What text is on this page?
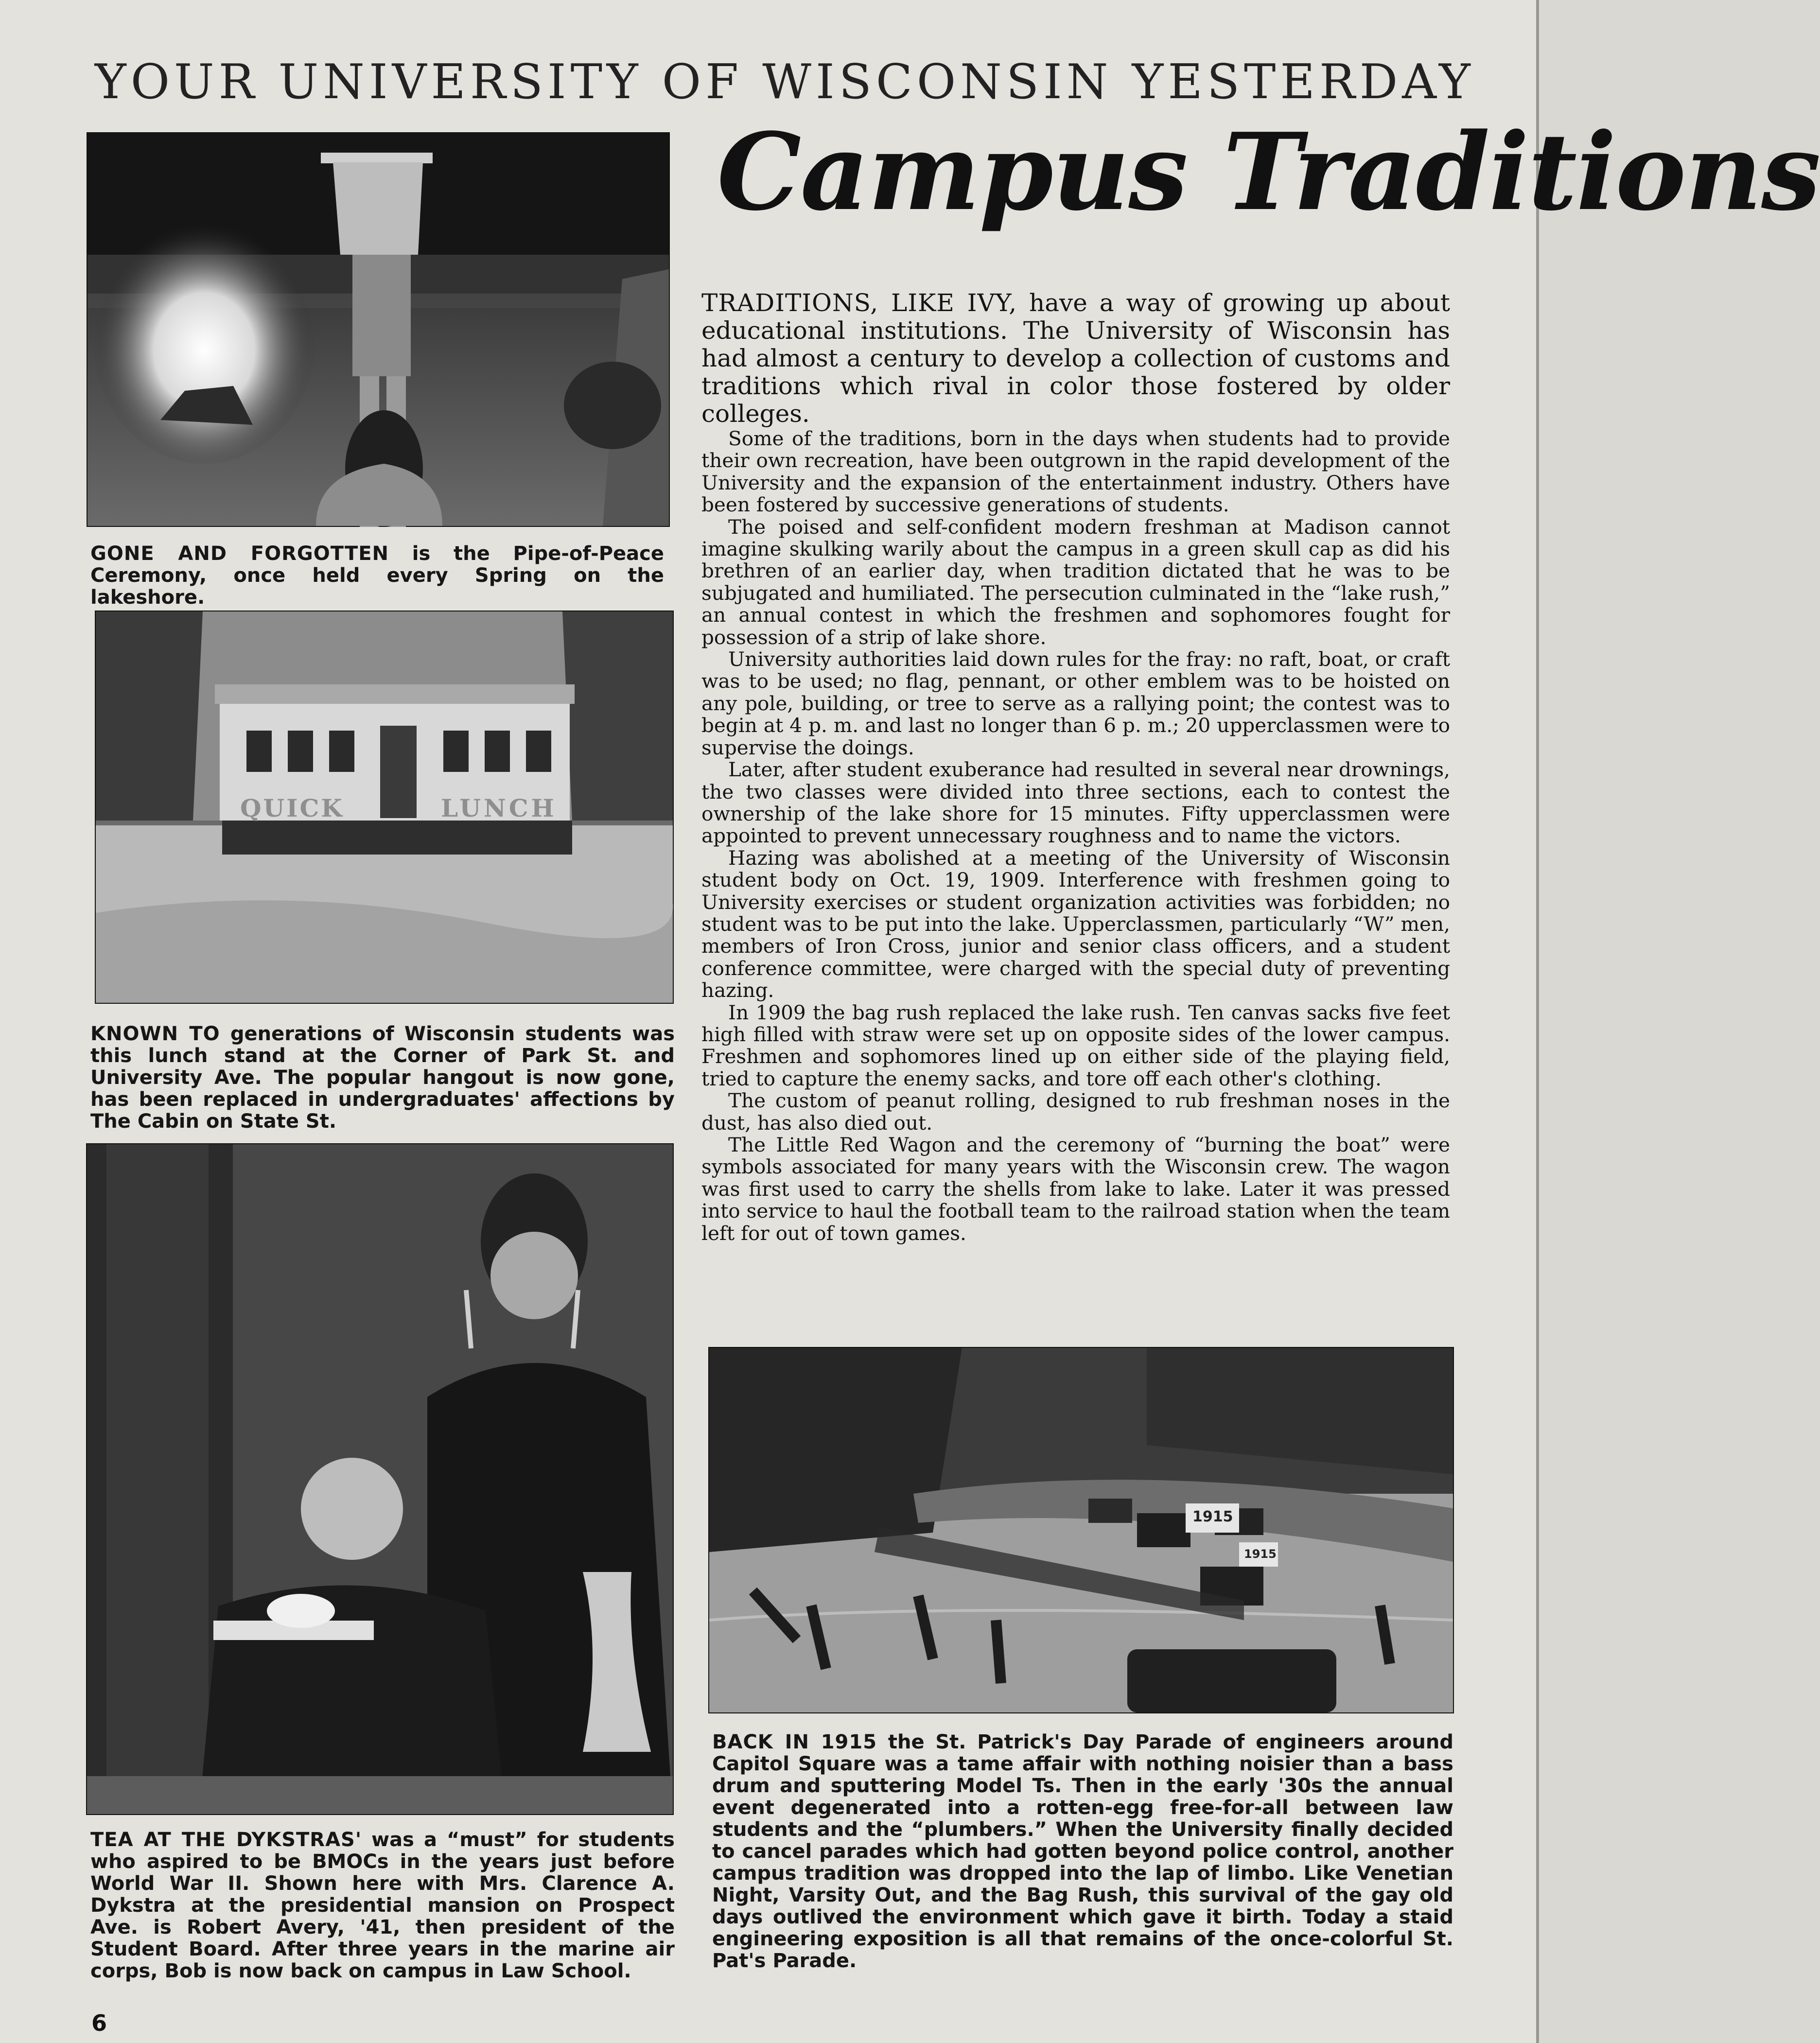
YOUR UNIVERSITY OF WISCONSIN YESTERDAY
Campus Traditions
GONE AND FORGOTTEN is the Pipe-of-Peace Ceremony, once held every Spring on the lakeshore.
QUICK	LUNCH
KNOWN TO generations of Wisconsin students was this lunch stand at the Corner of Park St. and University Ave. The popular hangout is now gone, has been replaced in undergraduates' affections by The Cabin on State St.
TEA AT THE DYKSTRAS' was a “must” for students who aspired to be BMOCs in the years just before World War II. Shown here with Mrs. Clarence A. Dykstra at the presidential mansion on Prospect Ave. is Robert Avery, '41, then president of the Student Board. After three years in the marine air corps, Bob is now back on campus in Law School.
TRADITIONS, LIKE IVY, have a way of growing up about educational institutions. The University of Wisconsin has had almost a century to develop a collection of customs and traditions which rival in color those fostered by older colleges.

Some of the traditions, born in the days when students had to provide their own recreation, have been outgrown in the rapid development of the University and the expansion of the entertainment industry. Others have been fostered by successive generations of students.

The poised and self-confident modern freshman at Madison cannot imagine skulking warily about the campus in a green skull cap as did his brethren of an earlier day, when tradition dictated that he was to be subjugated and humiliated. The persecution culminated in the “lake rush,” an annual contest in which the freshmen and sophomores fought for possession of a strip of lake shore.

University authorities laid down rules for the fray: no raft, boat, or craft was to be used; no flag, pennant, or other emblem was to be hoisted on any pole, building, or tree to serve as a rallying point; the contest was to begin at 4 p. m. and last no longer than 6 p. m.; 20 upperclassmen were to supervise the doings.

Later, after student exuberance had resulted in several near drownings, the two classes were divided into three sections, each to contest the ownership of the lake shore for 15 minutes. Fifty upperclassmen were appointed to prevent unnecessary roughness and to name the victors.

Hazing was abolished at a meeting of the University of Wisconsin student body on Oct. 19, 1909. Interference with freshmen going to University exercises or student organization activities was forbidden; no student was to be put into the lake. Upperclassmen, particularly “W” men, members of Iron Cross, junior and senior class officers, and a student conference committee, were charged with the special duty of preventing hazing.

In 1909 the bag rush replaced the lake rush. Ten canvas sacks five feet high filled with straw were set up on opposite sides of the lower campus. Freshmen and sophomores lined up on either side of the playing field, tried to capture the enemy sacks, and tore off each other's clothing.

The custom of peanut rolling, designed to rub freshman noses in the dust, has also died out.

The Little Red Wagon and the ceremony of “burning the boat” were symbols associated for many years with the Wisconsin crew. The wagon was first used to carry the shells from lake to lake. Later it was pressed into service to haul the football team to the railroad station when the team left for out of town games.

1915
1915
BACK IN 1915 the St. Patrick's Day Parade of engineers around Capitol Square was a tame affair with nothing noisier than a bass drum and sputtering Model Ts. Then in the early '30s the annual event degenerated into a rotten-egg free-for-all between law students and the “plumbers.” When the University finally decided to cancel parades which had gotten beyond police control, another campus tradition was dropped into the lap of limbo. Like Venetian Night, Varsity Out, and the Bag Rush, this survival of the gay old days outlived the environment which gave it birth. Today a staid engineering exposition is all that remains of the once-colorful St. Pat's Parade.
6
